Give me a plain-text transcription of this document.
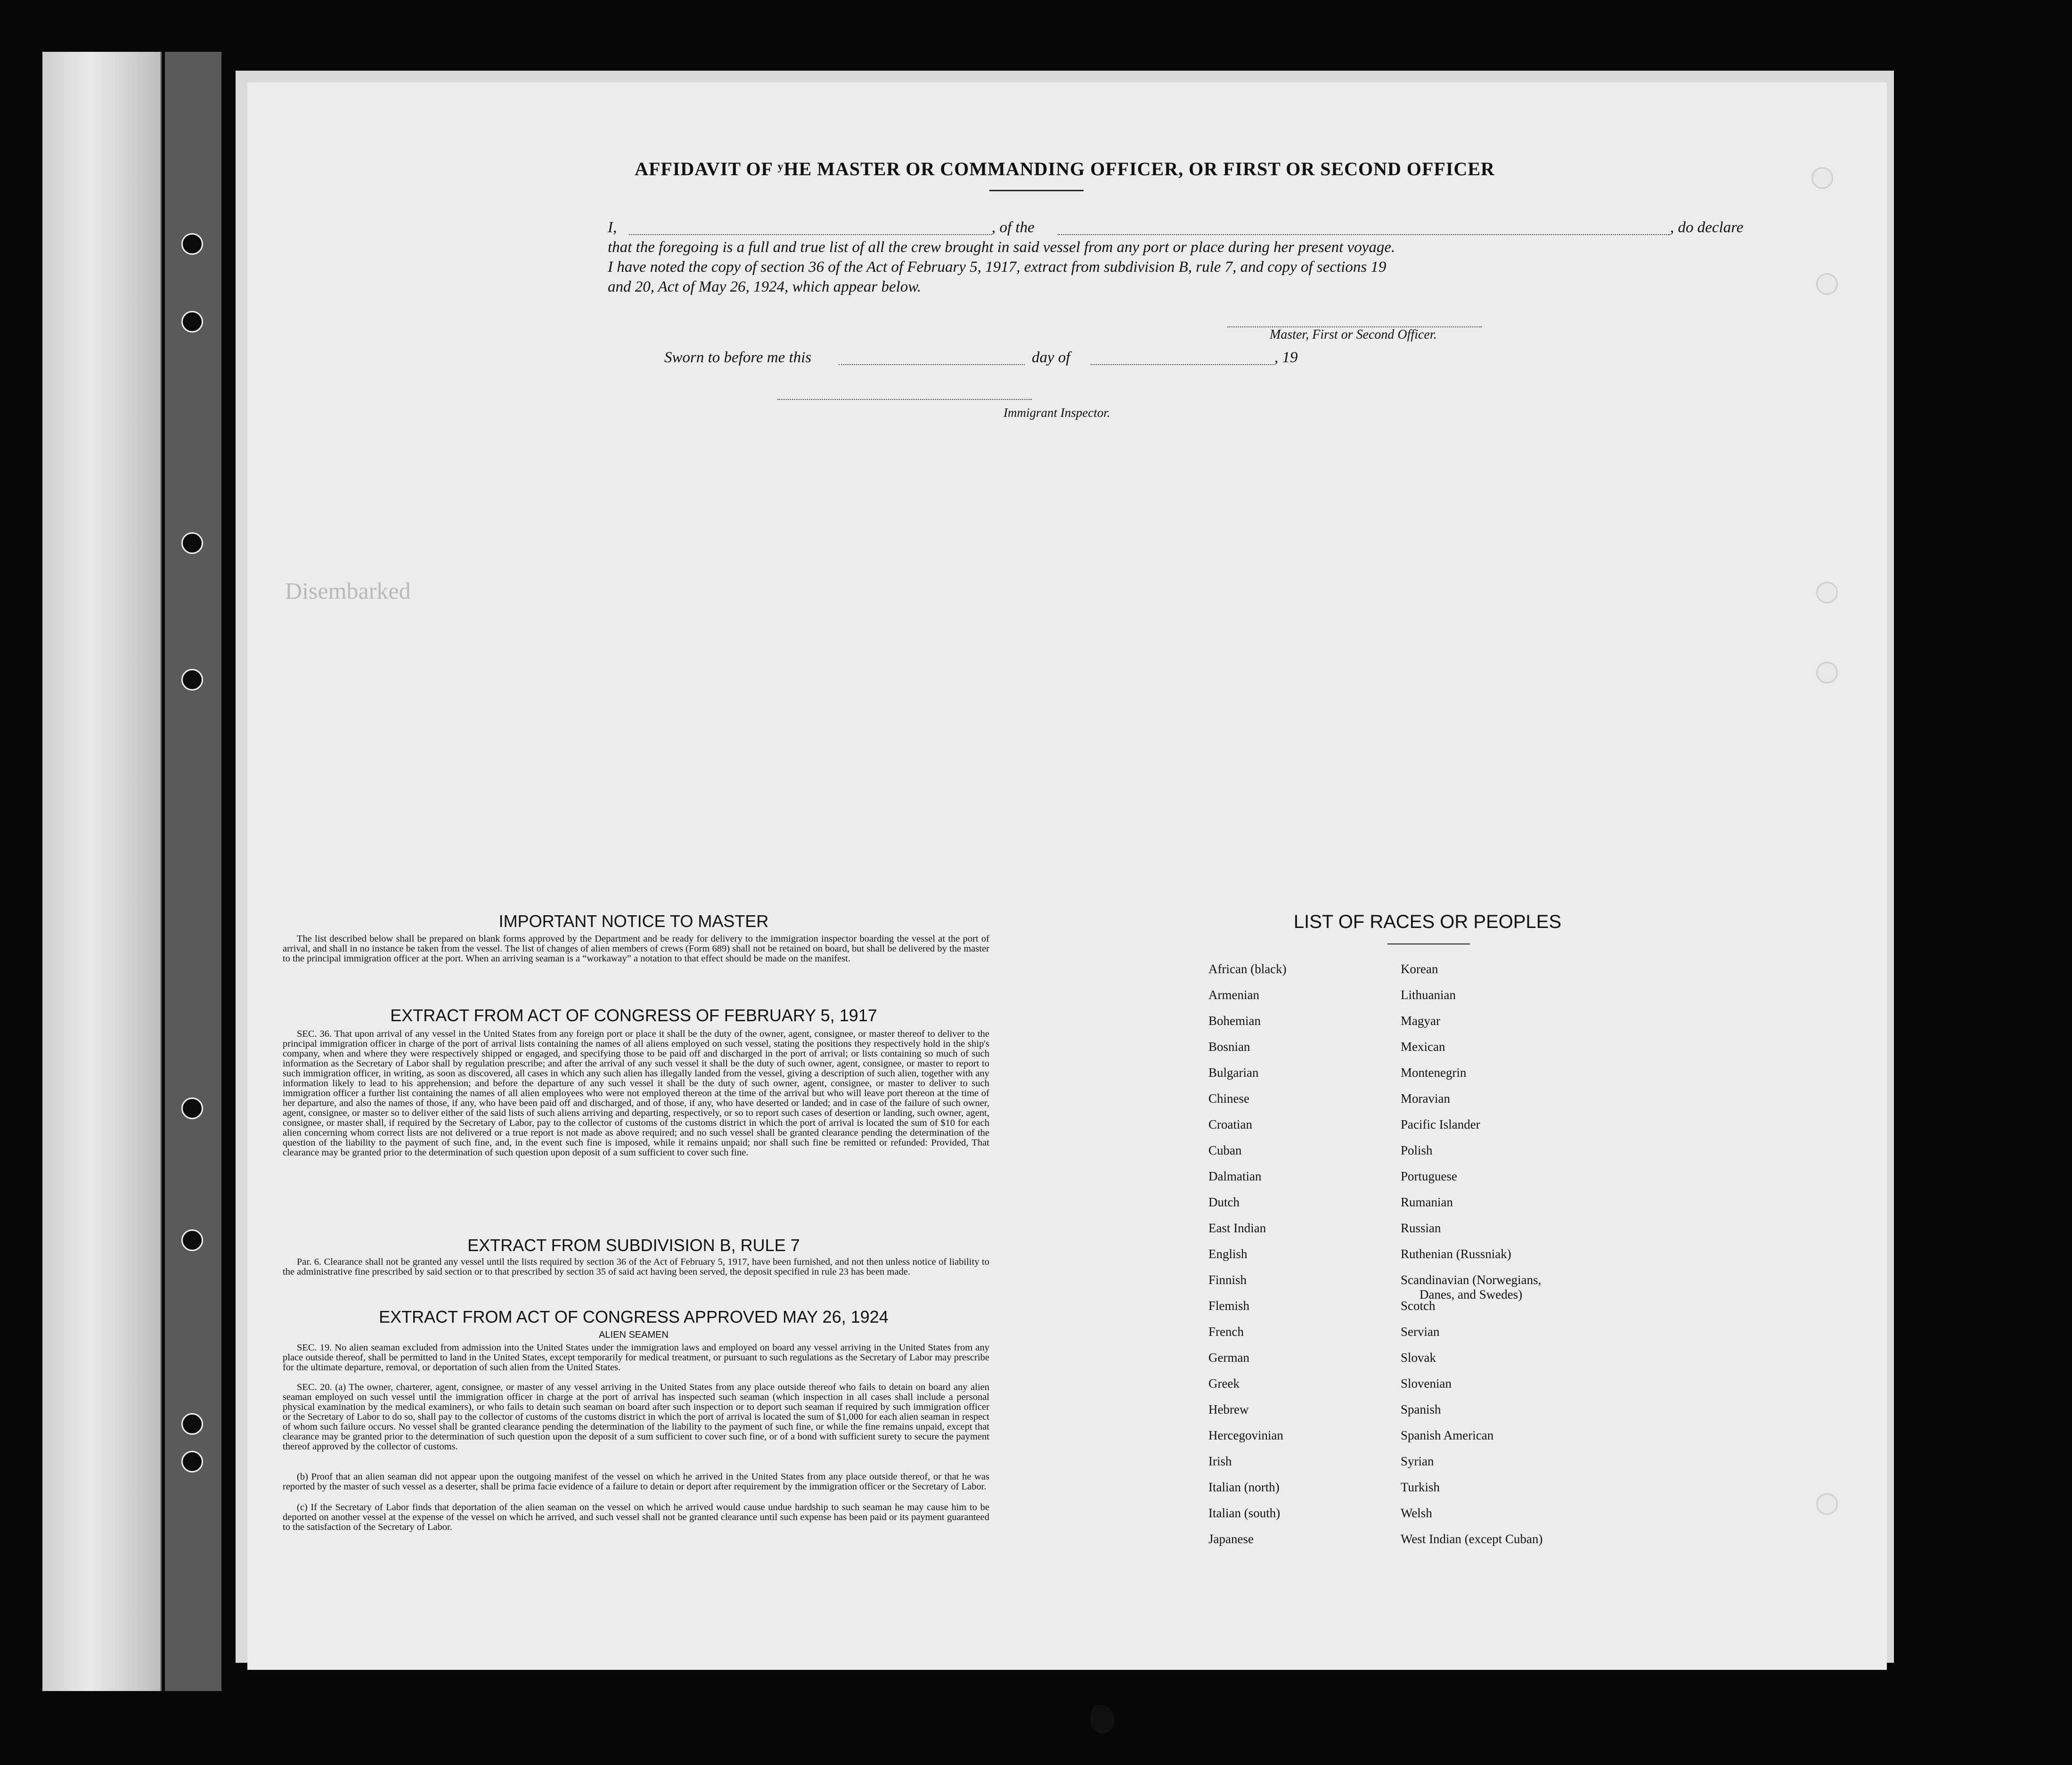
Disembarked
AFFIDAVIT OF ʸHE MASTER OR COMMANDING OFFICER, OR FIRST OR SECOND OFFICER
I,	, of the	, do declare
that the foregoing is a full and true list of all the crew brought in said vessel from any port or place during her present voyage.
I have noted the copy of section 36 of the Act of February 5, 1917, extract from subdivision B, rule 7, and copy of sections 19
and 20, Act of May 26, 1924, which appear below.
Master, First or Second Officer.
Sworn to before me this	day of	, 19
Immigrant Inspector.
IMPORTANT NOTICE TO MASTER
The list described below shall be prepared on blank forms approved by the Department and be ready for delivery to the immigration inspector boarding the vessel at the port of arrival, and shall in no instance be taken from the vessel. The list of changes of alien members of crews (Form 689) shall not be retained on board, but shall be delivered by the master to the principal immigration officer at the port. When an arriving seaman is a “workaway” a notation to that effect should be made on the manifest.
EXTRACT FROM ACT OF CONGRESS OF FEBRUARY 5, 1917
SEC. 36. That upon arrival of any vessel in the United States from any foreign port or place it shall be the duty of the owner, agent, consignee, or master thereof to deliver to the principal immigration officer in charge of the port of arrival lists containing the names of all aliens employed on such vessel, stating the positions they respectively hold in the ship's company, when and where they were respectively shipped or engaged, and specifying those to be paid off and discharged in the port of arrival; or lists containing so much of such information as the Secretary of Labor shall by regulation prescribe; and after the arrival of any such vessel it shall be the duty of such owner, agent, consignee, or master to report to such immigration officer, in writing, as soon as discovered, all cases in which any such alien has illegally landed from the vessel, giving a description of such alien, together with any information likely to lead to his apprehension; and before the departure of any such vessel it shall be the duty of such owner, agent, consignee, or master to deliver to such immigration officer a further list containing the names of all alien employees who were not employed thereon at the time of the arrival but who will leave port thereon at the time of her departure, and also the names of those, if any, who have been paid off and discharged, and of those, if any, who have deserted or landed; and in case of the failure of such owner, agent, consignee, or master so to deliver either of the said lists of such aliens arriving and departing, respectively, or so to report such cases of desertion or landing, such owner, agent, consignee, or master shall, if required by the Secretary of Labor, pay to the collector of customs of the customs district in which the port of arrival is located the sum of $10 for each alien concerning whom correct lists are not delivered or a true report is not made as above required; and no such vessel shall be granted clearance pending the determination of the question of the liability to the payment of such fine, and, in the event such fine is imposed, while it remains unpaid; nor shall such fine be remitted or refunded: Provided, That clearance may be granted prior to the determination of such question upon deposit of a sum sufficient to cover such fine.
EXTRACT FROM SUBDIVISION B, RULE 7
Par. 6. Clearance shall not be granted any vessel until the lists required by section 36 of the Act of February 5, 1917, have been furnished, and not then unless notice of liability to the administrative fine prescribed by said section or to that prescribed by section 35 of said act having been served, the deposit specified in rule 23 has been made.
EXTRACT FROM ACT OF CONGRESS APPROVED MAY 26, 1924
ALIEN SEAMEN
SEC. 19. No alien seaman excluded from admission into the United States under the immigration laws and employed on board any vessel arriving in the United States from any place outside thereof, shall be permitted to land in the United States, except temporarily for medical treatment, or pursuant to such regulations as the Secretary of Labor may prescribe for the ultimate departure, removal, or deportation of such alien from the United States.
SEC. 20. (a) The owner, charterer, agent, consignee, or master of any vessel arriving in the United States from any place outside thereof who fails to detain on board any alien seaman employed on such vessel until the immigration officer in charge at the port of arrival has inspected such seaman (which inspection in all cases shall include a personal physical examination by the medical examiners), or who fails to detain such seaman on board after such inspection or to deport such seaman if required by such immigration officer or the Secretary of Labor to do so, shall pay to the collector of customs of the customs district in which the port of arrival is located the sum of $1,000 for each alien seaman in respect of whom such failure occurs. No vessel shall be granted clearance pending the determination of the liability to the payment of such fine, or while the fine remains unpaid, except that clearance may be granted prior to the determination of such question upon the deposit of a sum sufficient to cover such fine, or of a bond with sufficient surety to secure the payment thereof approved by the collector of customs.
(b) Proof that an alien seaman did not appear upon the outgoing manifest of the vessel on which he arrived in the United States from any place outside thereof, or that he was reported by the master of such vessel as a deserter, shall be prima facie evidence of a failure to detain or deport after requirement by the immigration officer or the Secretary of Labor.
(c) If the Secretary of Labor finds that deportation of the alien seaman on the vessel on which he arrived would cause undue hardship to such seaman he may cause him to be deported on another vessel at the expense of the vessel on which he arrived, and such vessel shall not be granted clearance until such expense has been paid or its payment guaranteed to the satisfaction of the Secretary of Labor.
LIST OF RACES OR PEOPLES
African (black)
Armenian
Bohemian
Bosnian
Bulgarian
Chinese
Croatian
Cuban
Dalmatian
Dutch
East Indian
English
Finnish
Flemish
French
German
Greek
Hebrew
Hercegovinian
Irish
Italian (north)
Italian (south)
Japanese
Korean
Lithuanian
Magyar
Mexican
Montenegrin
Moravian
Pacific Islander
Polish
Portuguese
Rumanian
Russian
Ruthenian (Russniak)
Scandinavian (Norwegians,
Scotch
Servian
Slovak
Slovenian
Spanish
Spanish American
Syrian
Turkish
Welsh
West Indian (except Cuban)
Danes, and Swedes)
